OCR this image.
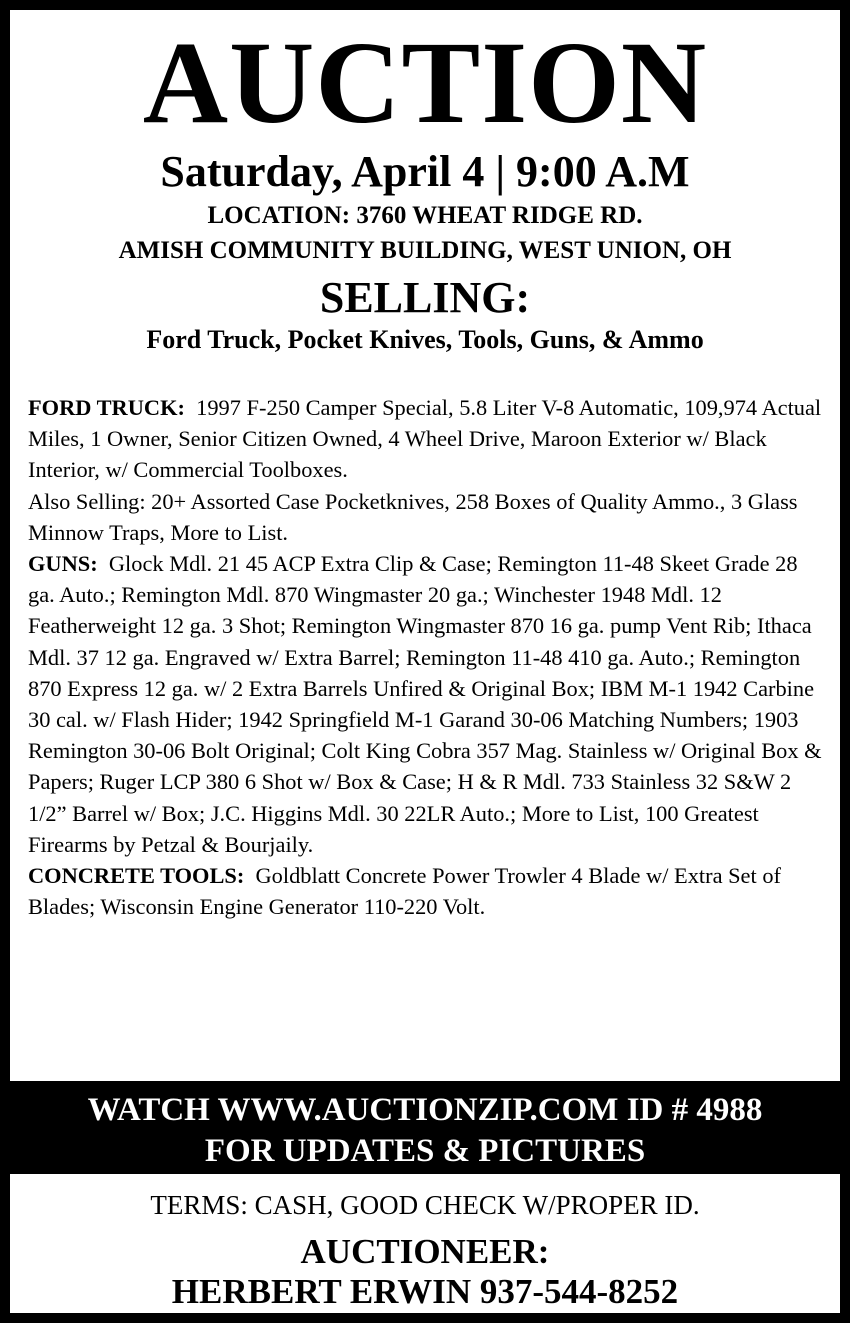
AUCTION

Saturday, April 4 | 9:00 A.M

LOCATION: 3760 WHEAT RIDGE RD.

AMISH COMMUNITY BUILDING, WEST UNION, OH

SELLING:

Ford Truck, Pocket Knives, Tools, Guns, & Ammo

FORD TRUCK: 1997 F-250 Camper Special, 5.8 Liter V-8 Automatic, 109,974 Actual Miles, 1 Owner, Senior Citizen Owned, 4 Wheel Drive, Maroon Exterior w/ Black Interior, w/ Commercial Toolboxes.

Also Selling: 20+ Assorted Case Pocketknives, 258 Boxes of Quality Ammo., 3 Glass Minnow Traps, More to List.

GUNS: Glock Mdl. 21 45 ACP Extra Clip & Case; Remington 11-48 Skeet Grade 28 ga. Auto.; Remington Mdl. 870 Wingmaster 20 ga.; Winchester 1948 Mdl. 12 Featherweight 12 ga. 3 Shot; Remington Wingmaster 870 16 ga. pump Vent Rib; Ithaca Mdl. 37 12 ga. Engraved w/ Extra Barrel; Remington 11-48 410 ga. Auto.; Remington 870 Express 12 ga. w/ 2 Extra Barrels Unfired & Original Box; IBM M-1 1942 Carbine 30 cal. w/ Flash Hider; 1942 Springfield M-1 Garand 30-06 Matching Numbers; 1903 Remington 30-06 Bolt Original; Colt King Cobra 357 Mag. Stainless w/ Original Box & Papers; Ruger LCP 380 6 Shot w/ Box & Case; H & R Mdl. 733 Stainless 32 S&W 2 1/2” Barrel w/ Box; J.C. Higgins Mdl. 30 22LR Auto.; More to List, 100 Greatest Firearms by Petzal & Bourjaily.

CONCRETE TOOLS: Goldblatt Concrete Power Trowler 4 Blade w/ Extra Set of Blades; Wisconsin Engine Generator 110-220 Volt.

WATCH WWW.AUCTIONZIP.COM ID # 4988
FOR UPDATES & PICTURES
TERMS: CASH, GOOD CHECK W/PROPER ID.
AUCTIONEER:
HERBERT ERWIN 937-544-8252
